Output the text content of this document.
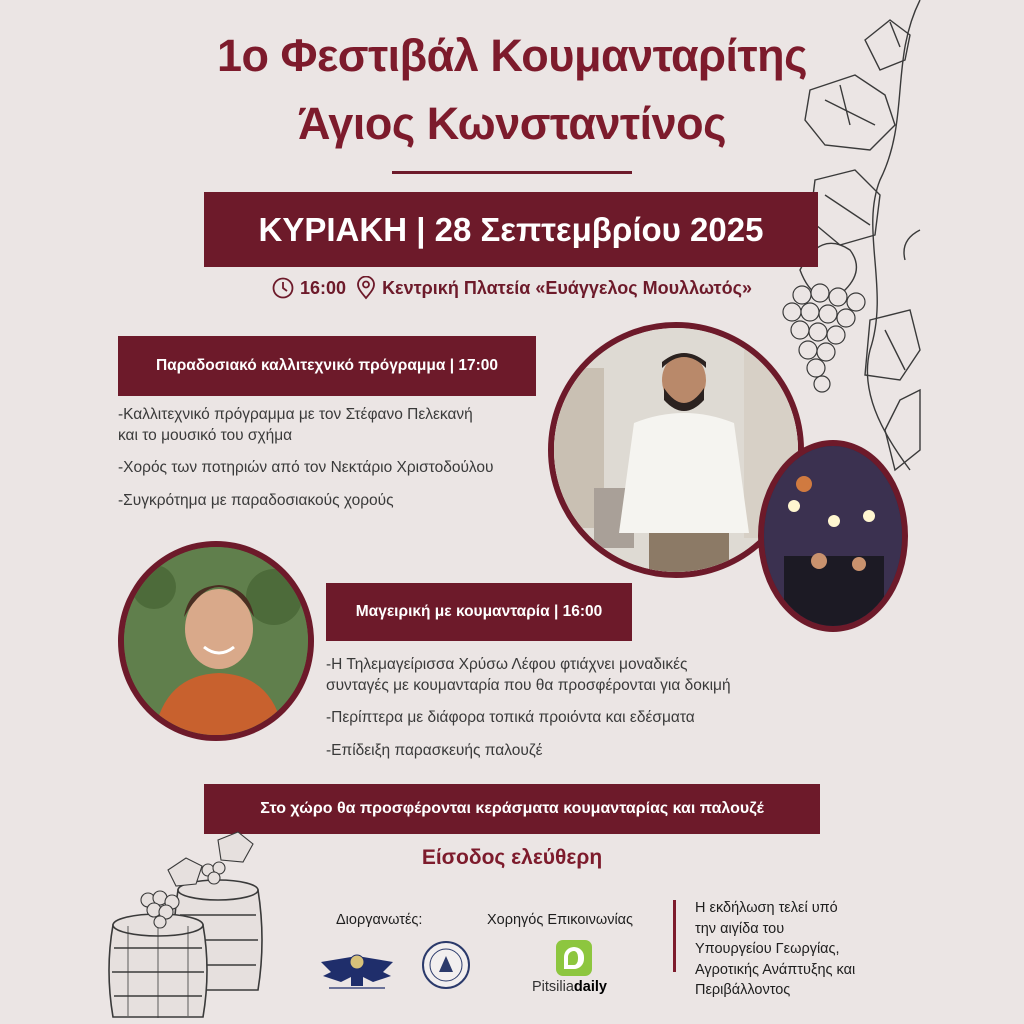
1ο Φεστιβάλ Κουμανταρίτης
Άγιος Κωνσταντίνος
ΚΥΡΙΑΚΗ | 28 Σεπτεμβρίου 2025
16:00 Κεντρική Πλατεία «Ευάγγελος Μουλλωτός»
Παραδοσιακό καλλιτεχνικό πρόγραμμα | 17:00
-Καλλιτεχνικό πρόγραμμα με τον Στέφανο Πελεκανή
και το μουσικό του σχήμα
-Χορός των ποτηριών από τον Νεκτάριο Χριστοδούλου
-Συγκρότημα με παραδοσιακούς χορούς
Μαγειρική με κουμανταρία | 16:00
-Η Τηλεμαγείρισσα Χρύσω Λέφου φτιάχνει μοναδικές
συνταγές με κουμανταρία που θα προσφέρονται για δοκιμή
-Περίπτερα με διάφορα τοπικά προιόντα και εδέσματα
-Επίδειξη παρασκευής παλουζέ
Στο χώρο θα προσφέρονται κεράσματα κουμανταρίας και παλουζέ
Είσοδος ελεύθερη
Διοργανωτές:	Χορηγός Επικοινωνίας
Pitsiliadaily
Η εκδήλωση τελεί υπό
την αιγίδα του
Υπουργείου Γεωργίας,
Αγροτικής Ανάπτυξης και
Περιβάλλοντος
